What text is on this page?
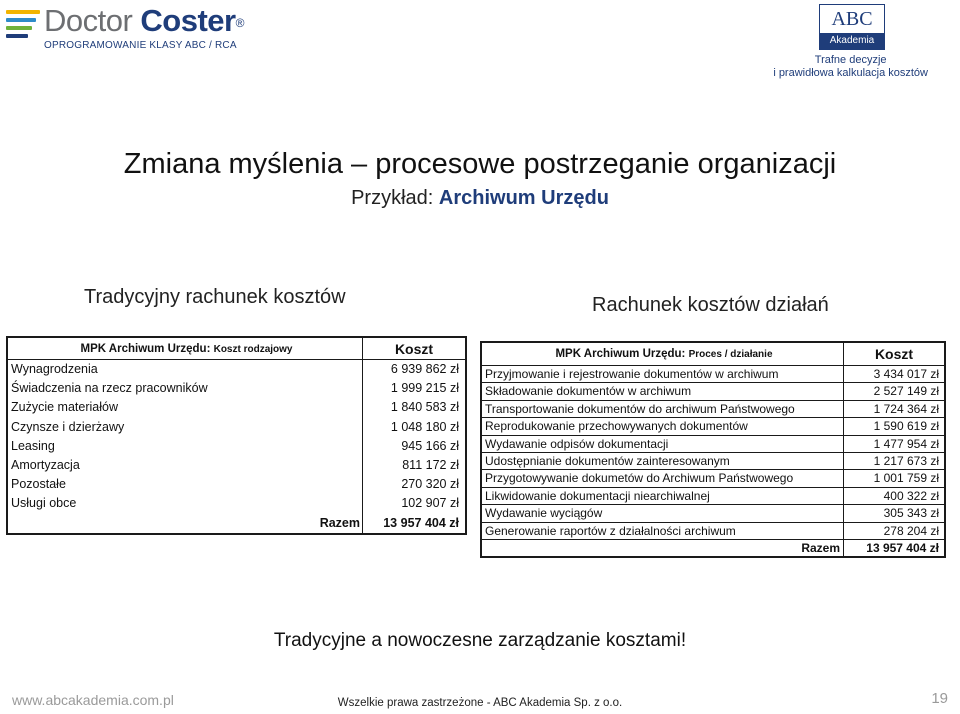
Doctor Coster®
OPROGRAMOWANIE KLASY ABC / RCA
ABC
Akademia
Trafne decyzje
i prawidłowa kalkulacja kosztów
Zmiana myślenia – procesowe postrzeganie organizacji
Przykład: Archiwum Urzędu
Tradycyjny rachunek kosztów	Rachunek kosztów działań
MPK Archiwum Urzędu: Koszt rodzajowy	Koszt
Wynagrodzenia	6 939 862 zł
Świadczenia na rzecz pracowników	1 999 215 zł
Zużycie materiałów	1 840 583 zł
Czynsze i dzierżawy	1 048 180 zł
Leasing	945 166 zł
Amortyzacja	811 172 zł
Pozostałe	270 320 zł
Usługi obce	102 907 zł
Razem	13 957 404 zł
MPK Archiwum Urzędu: Proces / działanie	Koszt
Przyjmowanie i rejestrowanie dokumentów w archiwum	3 434 017 zł
Składowanie dokumentów w archiwum	2 527 149 zł
Transportowanie dokumentów do archiwum Państwowego	1 724 364 zł
Reprodukowanie przechowywanych dokumentów	1 590 619 zł
Wydawanie odpisów dokumentacji	1 477 954 zł
Udostępnianie dokumentów zainteresowanym	1 217 673 zł
Przygotowywanie dokumetów do Archiwum Państwowego	1 001 759 zł
Likwidowanie dokumentacji niearchiwalnej	400 322 zł
Wydawanie wyciągów	305 343 zł
Generowanie raportów z działalności archiwum	278 204 zł
Razem	13 957 404 zł
Tradycyjne a nowoczesne zarządzanie kosztami!
www.abcakademia.com.pl	Wszelkie prawa zastrzeżone - ABC Akademia Sp. z o.o.	19
